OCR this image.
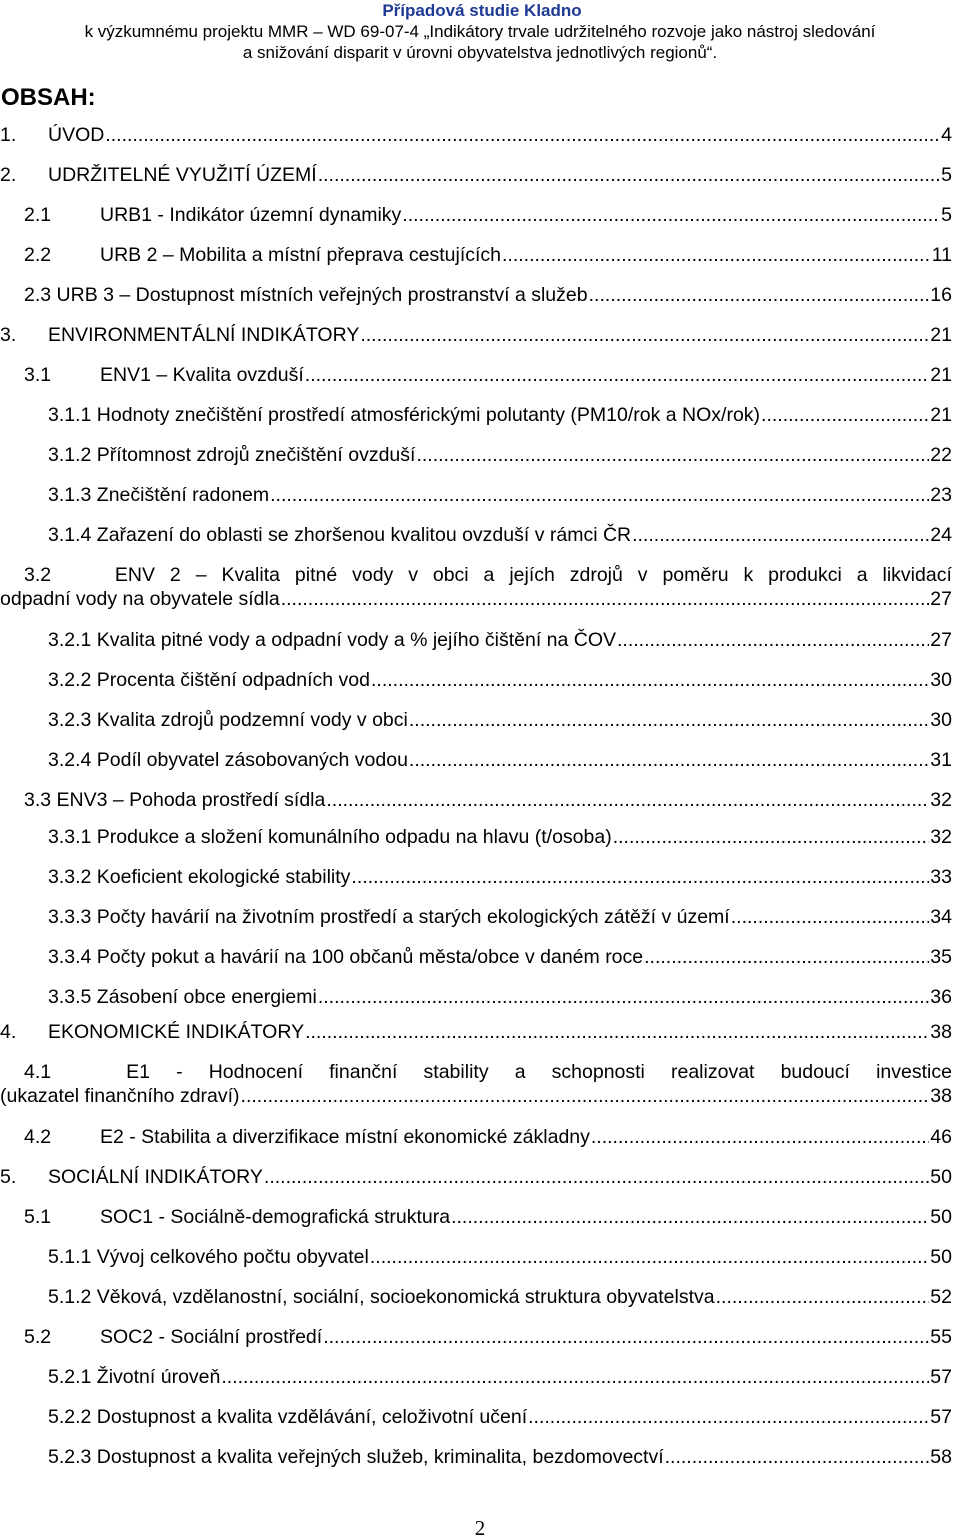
Případová studie Kladno
k výzkumnému projektu MMR – WD 69-07-4 „Indikátory trvale udržitelného rozvoje jako nástroj sledování
a snižování disparit v úrovni obyvatelstva jednotlivých regionů“.
OBSAH:
1.	ÚVOD .....	4
2.	UDRŽITELNÉ VYUŽITÍ ÚZEMÍ .....	5
2.1	URB1 - Indikátor územní dynamiky .....	5
2.2	URB 2 – Mobilita a místní přeprava cestujících .....	11
2.3 URB 3 – Dostupnost místních veřejných prostranství a služeb .....	16
3.	ENVIRONMENTÁLNÍ INDIKÁTORY .....	21
3.1	ENV1 – Kvalita ovzduší .....	21
3.1.1 Hodnoty znečištění prostředí atmosférickými polutanty (PM10/rok a NOx/rok) .....	21
3.1.2 Přítomnost zdrojů znečištění ovzduší .....	22
3.1.3 Znečištění radonem .....	23
3.1.4 Zařazení do oblasti se zhoršenou kvalitou ovzduší v rámci ČR .....	24
3.2	ENV 2 – Kvalita pitné vody v obci a jejích zdrojů v poměru k produkci a likvidací
odpadní vody na obyvatele sídla .....	27
3.2.1 Kvalita pitné vody a odpadní vody a % jejího čištění na ČOV .....	27
3.2.2 Procenta čištění odpadních vod .....	30
3.2.3 Kvalita zdrojů podzemní vody v obci .....	30
3.2.4 Podíl obyvatel zásobovaných vodou .....	31
3.3 ENV3 – Pohoda prostředí sídla .....	32
3.3.1 Produkce a složení komunálního odpadu na hlavu (t/osoba) .....	32
3.3.2 Koeficient ekologické stability .....	33
3.3.3 Počty havárií na životním prostředí a starých ekologických zátěží v území .....	34
3.3.4 Počty pokut a havárií na 100 občanů města/obce v daném roce .....	35
3.3.5 Zásobení obce energiemi .....	36
4.	EKONOMICKÉ INDIKÁTORY .....	38
4.1	E1 - Hodnocení finanční stability a schopnosti realizovat budoucí investice
(ukazatel finančního zdraví) .....	38
4.2	E2 - Stabilita a diverzifikace místní ekonomické základny .....	46
5.	SOCIÁLNÍ INDIKÁTORY .....	50
5.1	SOC1 - Sociálně-demografická struktura .....	50
5.1.1 Vývoj celkového počtu obyvatel .....	50
5.1.2 Věková, vzdělanostní, sociální, socioekonomická struktura obyvatelstva .....	52
5.2	SOC2 - Sociální prostředí .....	55
5.2.1 Životní úroveň .....	57
5.2.2 Dostupnost a kvalita vzdělávání, celoživotní učení .....	57
5.2.3 Dostupnost a kvalita veřejných služeb, kriminalita, bezdomovectví .....	58
2
